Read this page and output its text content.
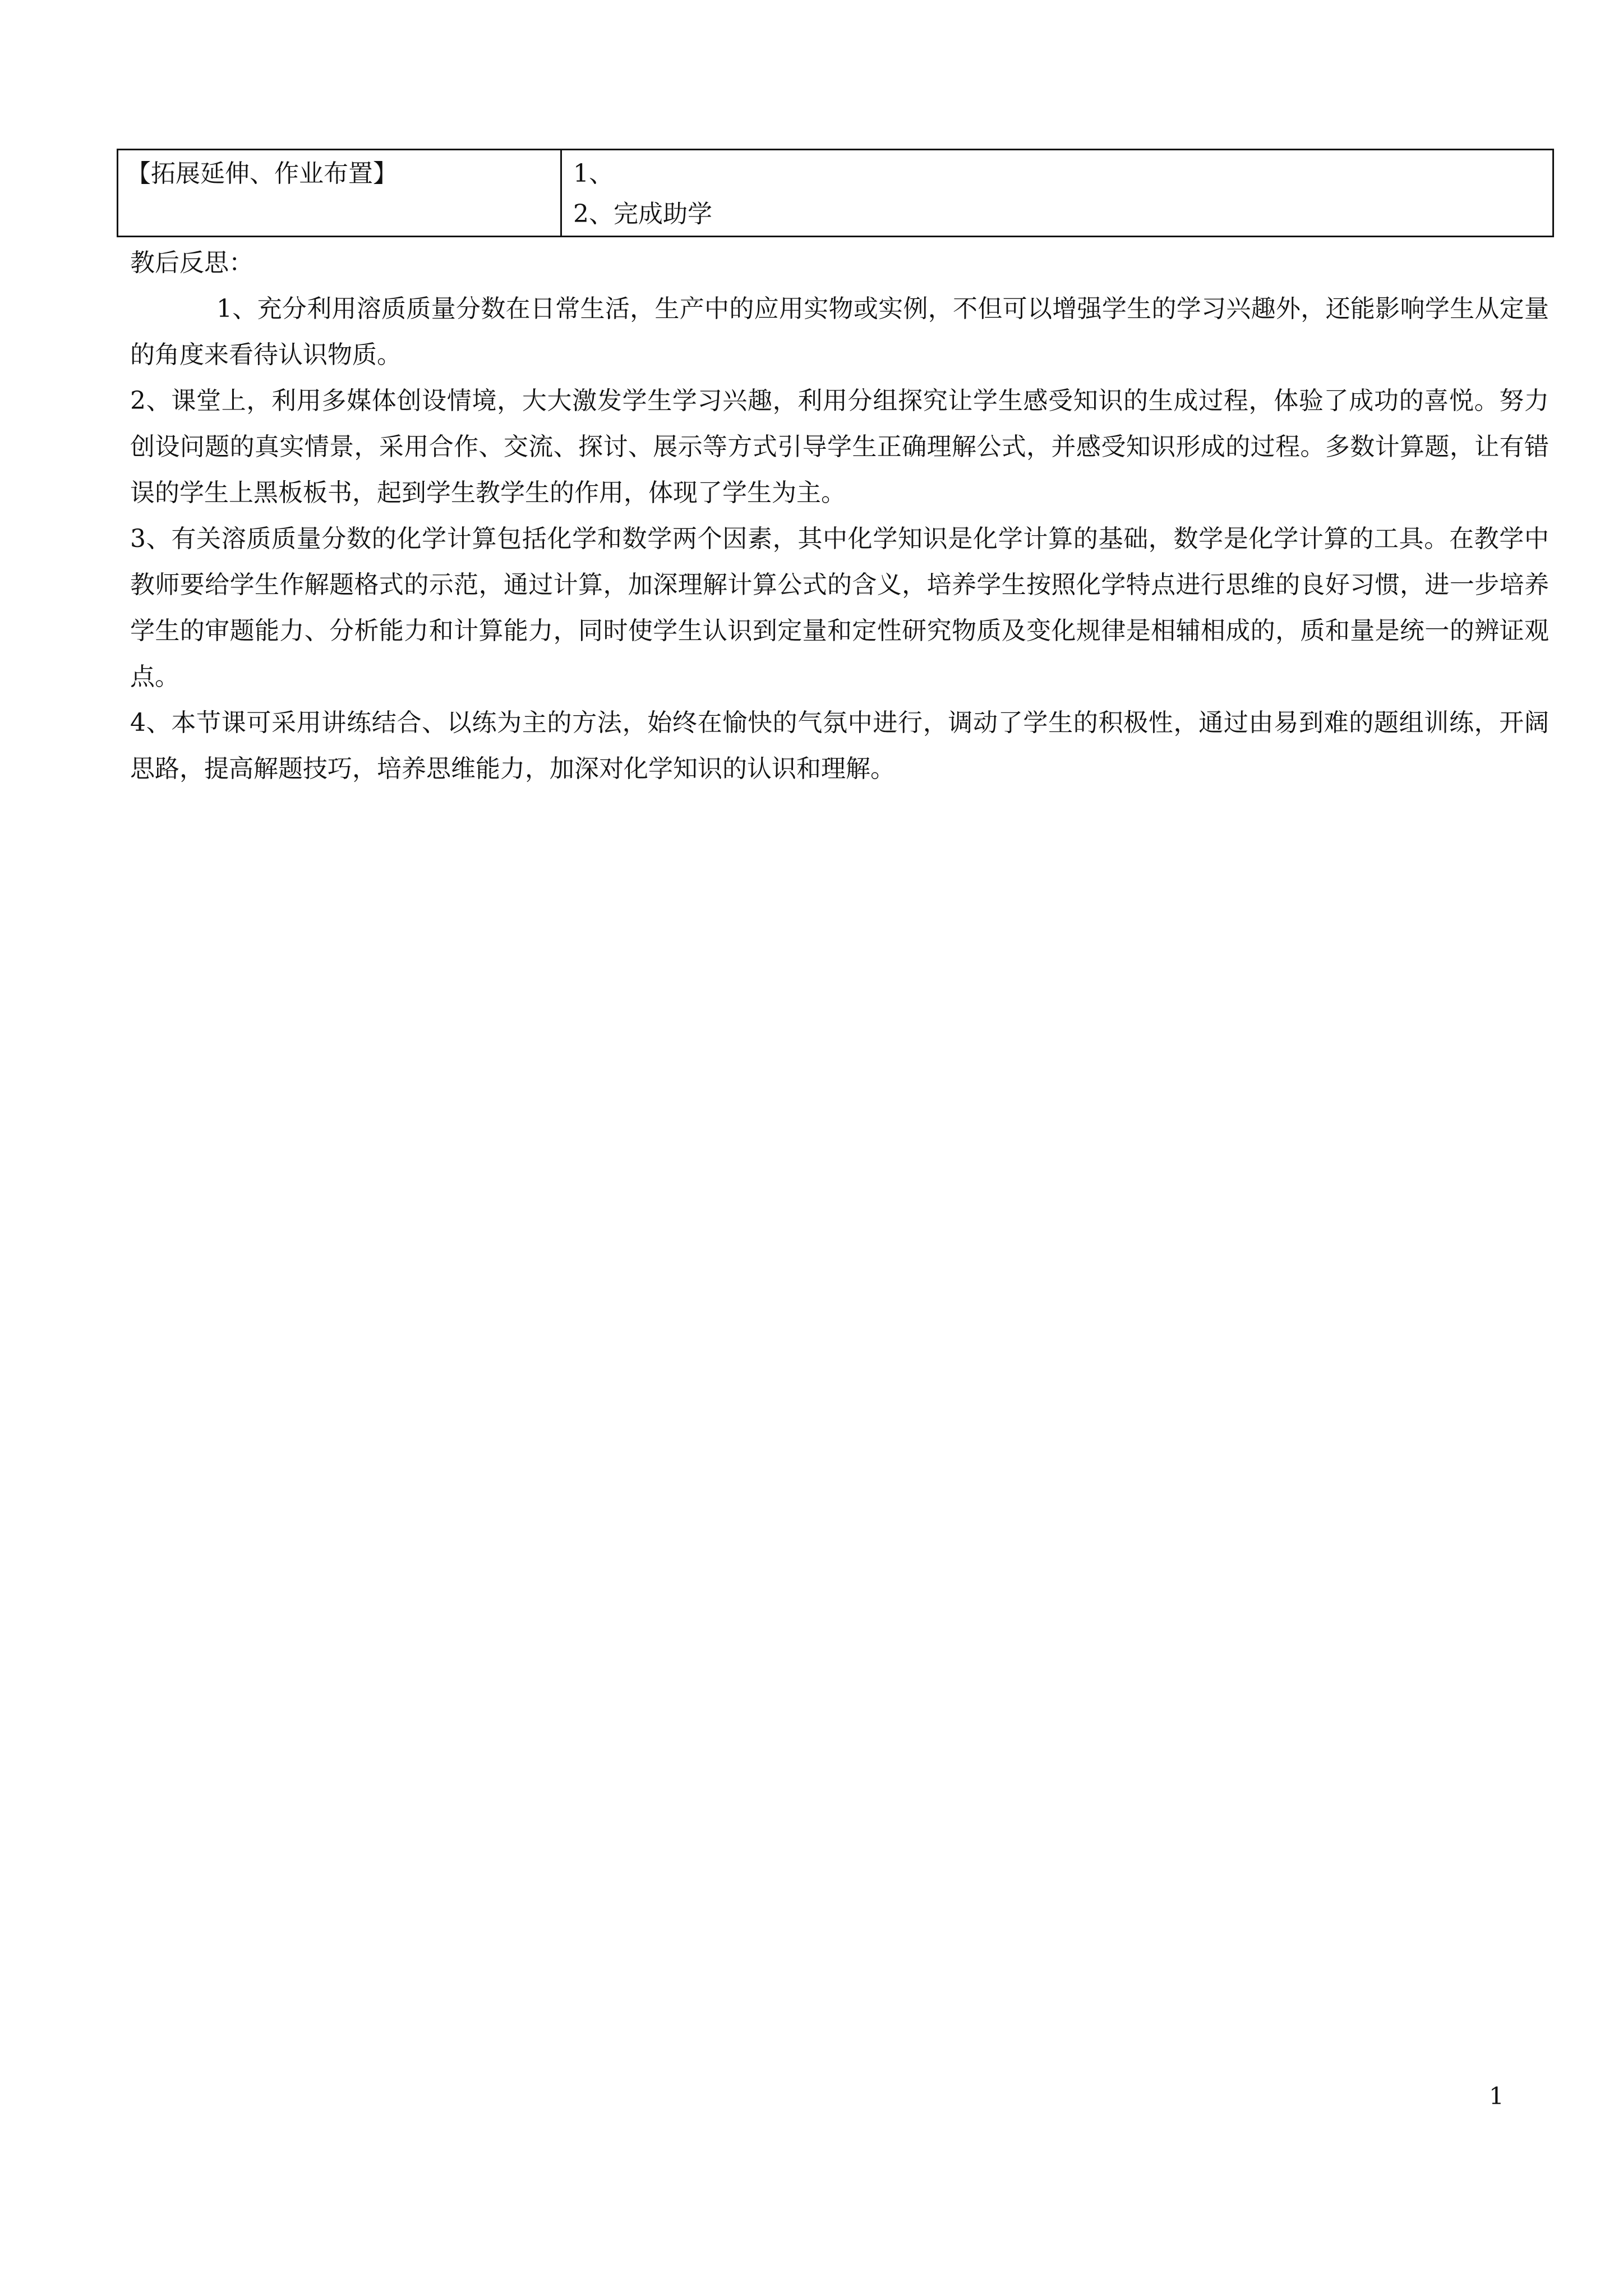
【拓展延伸、作业布置】	1、
2、完成助学
教后反思：

1、充分利用溶质质量分数在日常生活，生产中的应用实物或实例，不但可以增强学生的学习兴趣外，还能影响学生从定量的角度来看待认识物质。

2、课堂上，利用多媒体创设情境，大大激发学生学习兴趣，利用分组探究让学生感受知识的生成过程，体验了成功的喜悦。努力创设问题的真实情景，采用合作、交流、探讨、展示等方式引导学生正确理解公式，并感受知识形成的过程。多数计算题，让有错误的学生上黑板板书，起到学生教学生的作用，体现了学生为主。

3、有关溶质质量分数的化学计算包括化学和数学两个因素，其中化学知识是化学计算的基础，数学是化学计算的工具。在教学中教师要给学生作解题格式的示范，通过计算，加深理解计算公式的含义，培养学生按照化学特点进行思维的良好习惯，进一步培养学生的审题能力、分析能力和计算能力，同时使学生认识到定量和定性研究物质及变化规律是相辅相成的，质和量是统一的辨证观点。

4、本节课可采用讲练结合、以练为主的方法，始终在愉快的气氛中进行，调动了学生的积极性，通过由易到难的题组训练，开阔思路，提高解题技巧，培养思维能力，加深对化学知识的认识和理解。

1
